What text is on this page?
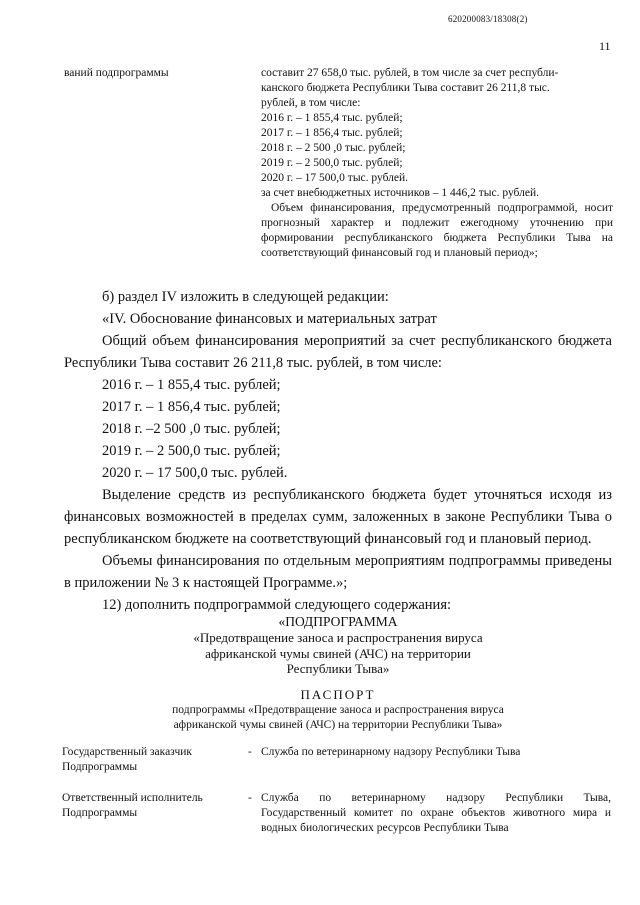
620200083/18308(2)
11
ваний подпрограммы	составит 27 658,0 тыс. рублей, в том числе за счет республи-
канского бюджета Республики Тыва составит 26 211,8 тыс.
рублей, в том числе:
2016 г. – 1 855,4 тыс. рублей;
2017 г. – 1 856,4 тыс. рублей;
2018 г. – 2 500 ,0 тыс. рублей;
2019 г. – 2 500,0 тыс. рублей;
2020 г. – 17 500,0 тыс. рублей.
за счет внебюджетных источников – 1 446,2 тыс. рублей.
Объем финансирования, предусмотренный подпрограммой, носит прогнозный характер и подлежит ежегодному уточнению при формировании республиканского бюджета Республики Тыва на соответствующий финансовый год и плановый период»;

б) раздел IV изложить в следующей редакции:

«IV. Обоснование финансовых и материальных затрат

Общий объем финансирования мероприятий за счет республиканского бюджета Республики Тыва составит 26 211,8 тыс. рублей, в том числе:

2016 г. – 1 855,4 тыс. рублей;

2017 г. – 1 856,4 тыс. рублей;

2018 г. –2 500 ,0 тыс. рублей;

2019 г. – 2 500,0 тыс. рублей;

2020 г. – 17 500,0 тыс. рублей.

Выделение средств из республиканского бюджета будет уточняться исходя из финансовых возможностей в пределах сумм, заложенных в законе Республики Тыва о республиканском бюджете на соответствующий финансовый год и плановый период.

Объемы финансирования по отдельным мероприятиям подпрограммы приведены в приложении № 3 к настоящей Программе.»;

12) дополнить подпрограммой следующего содержания:

«ПОДПРОГРАММА
«Предотвращение заноса и распространения вируса
африканской чумы свиней (АЧС) на территории
Республики Тыва»
ПАСПОРТ
подпрограммы «Предотвращение заноса и распространения вируса
африканской чумы свиней (АЧС) на территории Республики Тыва»
Государственный заказчик Подпрограммы
- Служба по ветеринарному надзору Республики Тыва
Ответственный исполнитель Подпрограммы
- Служба по ветеринарному надзору Республики Тыва, Государственный комитет по охране объектов животного мира и водных биологических ресурсов Республики Тыва
